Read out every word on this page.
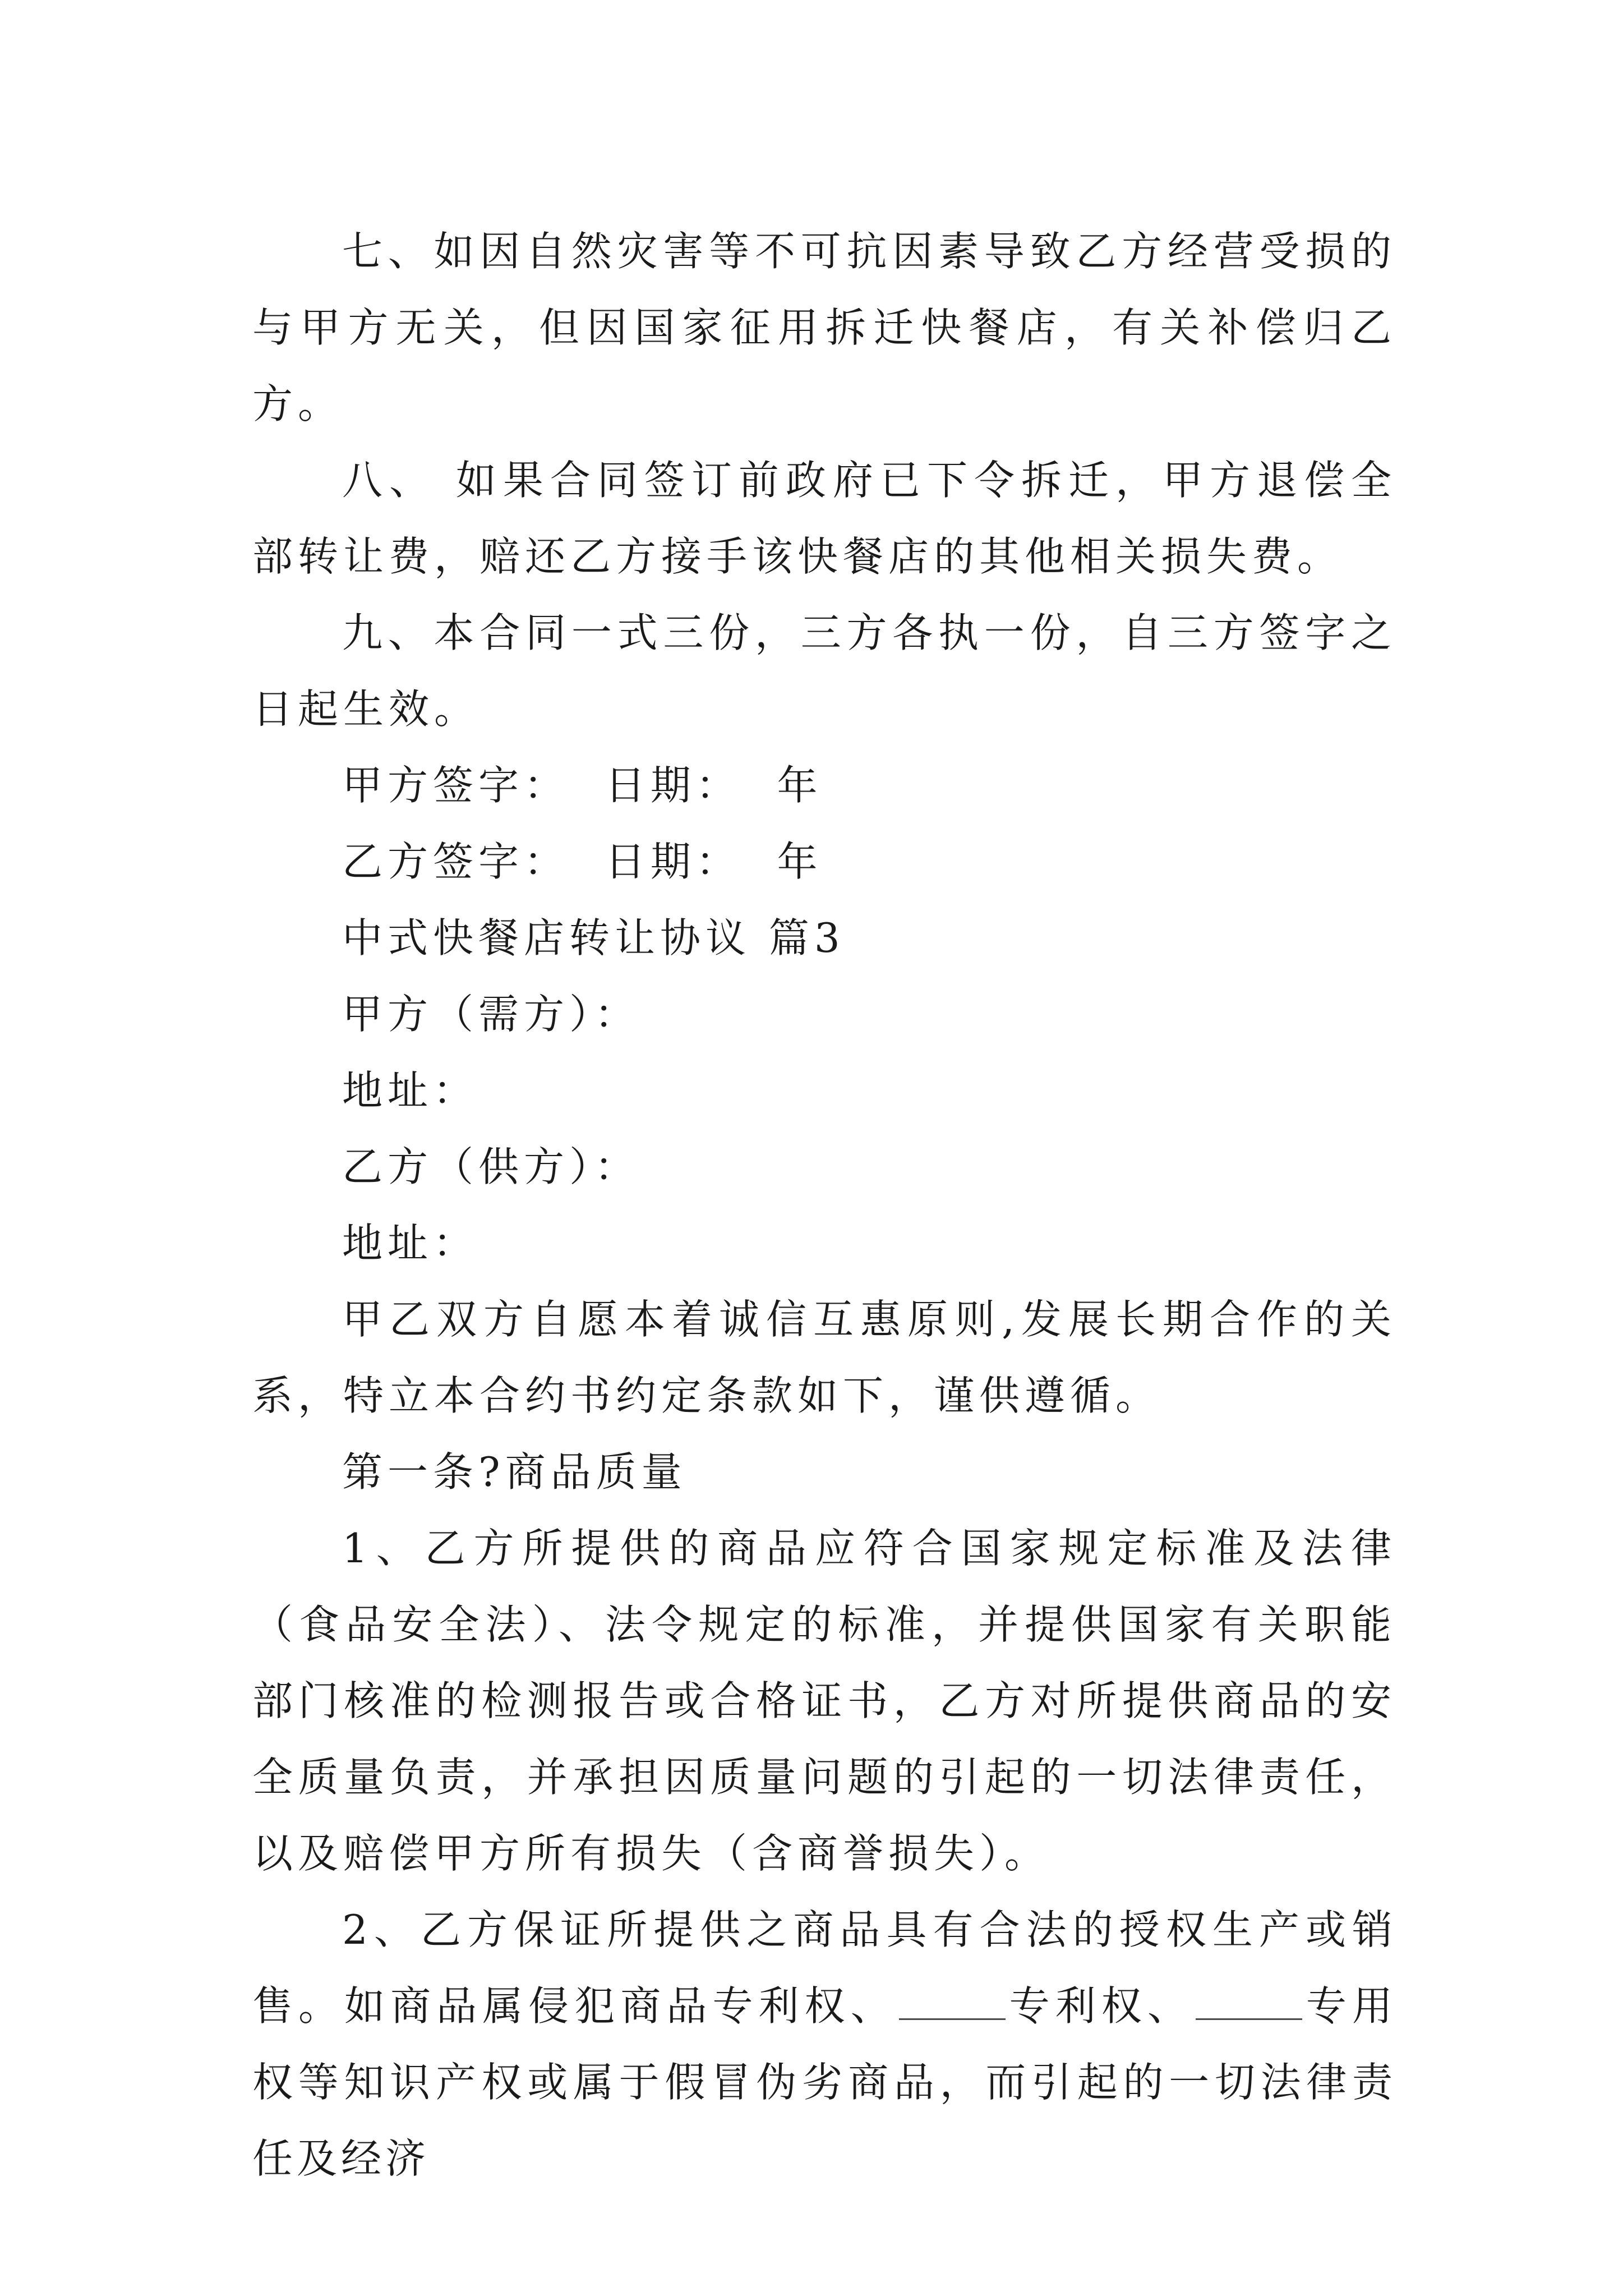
七、如因自然灾害等不可抗因素导致乙方经营受损的与甲方无关，但因国家征用拆迁快餐店，有关补偿归乙方。

八、 如果合同签订前政府已下令拆迁，甲方退偿全部转让费，赔还乙方接手该快餐店的其他相关损失费。

九、本合同一式三份，三方各执一份，自三方签字之日起生效。

甲方签字：  日期：  年

乙方签字：  日期：  年

中式快餐店转让协议 篇3

甲方（需方）：

地址：

乙方（供方）：

地址：

甲乙双方自愿本着诚信互惠原则,发展长期合作的关系，特立本合约书约定条款如下，谨供遵循。

第一条?商品质量

1、乙方所提供的商品应符合国家规定标准及法律（食品安全法）、法令规定的标准，并提供国家有关职能部门核准的检测报告或合格证书，乙方对所提供商品的安全质量负责，并承担因质量问题的引起的一切法律责任，以及赔偿甲方所有损失（含商誉损失）。

2、乙方保证所提供之商品具有合法的授权生产或销售。如商品属侵犯商品专利权、	专利权、	专用权等知识产权或属于假冒伪劣商品，而引起的一切法律责任及经济
